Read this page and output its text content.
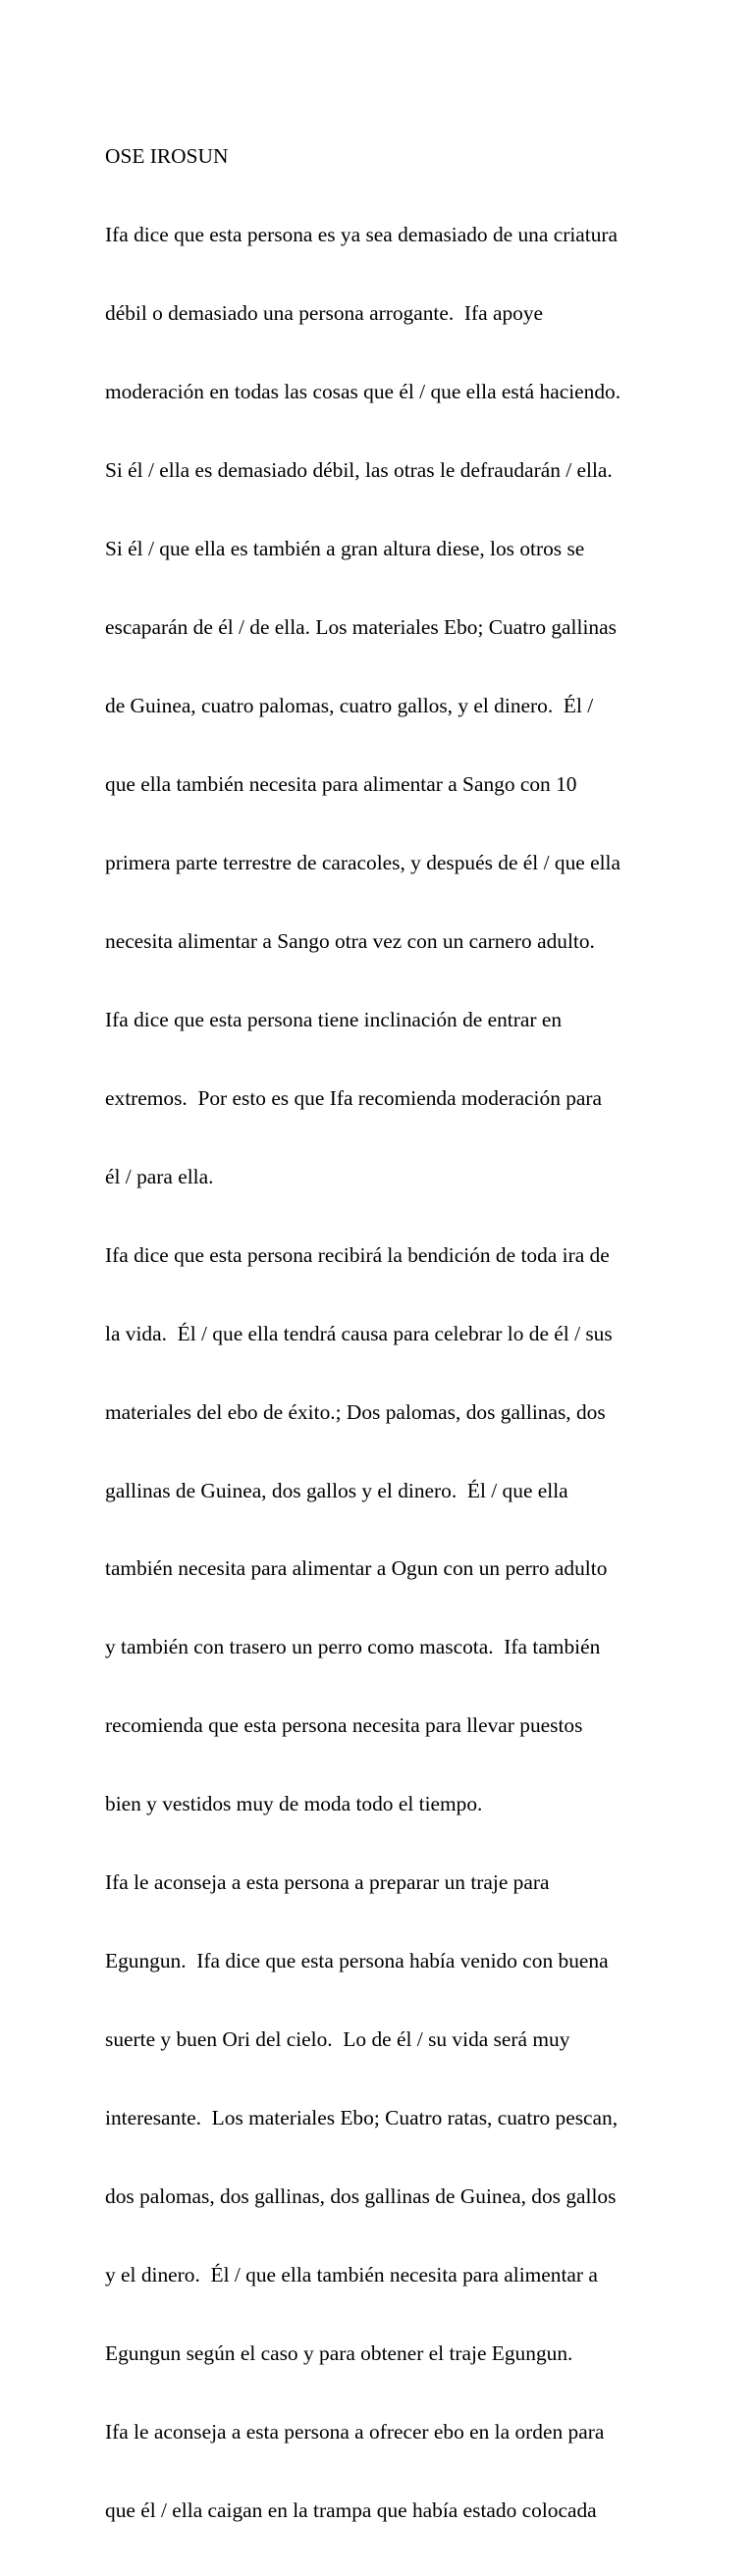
OSE IROSUN

Ifa dice que esta persona es ya sea demasiado de una criatura

débil o demasiado una persona arrogante.  Ifa apoye

moderación en todas las cosas que él / que ella está haciendo.

Si él / ella es demasiado débil, las otras le defraudarán / ella.

Si él / que ella es también a gran altura diese, los otros se

escaparán de él / de ella. Los materiales Ebo; Cuatro gallinas

de Guinea, cuatro palomas, cuatro gallos, y el dinero.  Él /

que ella también necesita para alimentar a Sango con 10

primera parte terrestre de caracoles, y después de él / que ella

necesita alimentar a Sango otra vez con un carnero adulto.

Ifa dice que esta persona tiene inclinación de entrar en

extremos.  Por esto es que Ifa recomienda moderación para

él / para ella.

Ifa dice que esta persona recibirá la bendición de toda ira de

la vida.  Él / que ella tendrá causa para celebrar lo de él / sus

materiales del ebo de éxito.; Dos palomas, dos gallinas, dos

gallinas de Guinea, dos gallos y el dinero.  Él / que ella

también necesita para alimentar a Ogun con un perro adulto

y también con trasero un perro como mascota.  Ifa también

recomienda que esta persona necesita para llevar puestos

bien y vestidos muy de moda todo el tiempo.

Ifa le aconseja a esta persona a preparar un traje para

Egungun.  Ifa dice que esta persona había venido con buena

suerte y buen Ori del cielo.  Lo de él / su vida será muy

interesante.  Los materiales Ebo; Cuatro ratas, cuatro pescan,

dos palomas, dos gallinas, dos gallinas de Guinea, dos gallos

y el dinero.  Él / que ella también necesita para alimentar a

Egungun según el caso y para obtener el traje Egungun.

Ifa le aconseja a esta persona a ofrecer ebo en la orden para

que él / ella caigan en la trampa que había estado colocada
